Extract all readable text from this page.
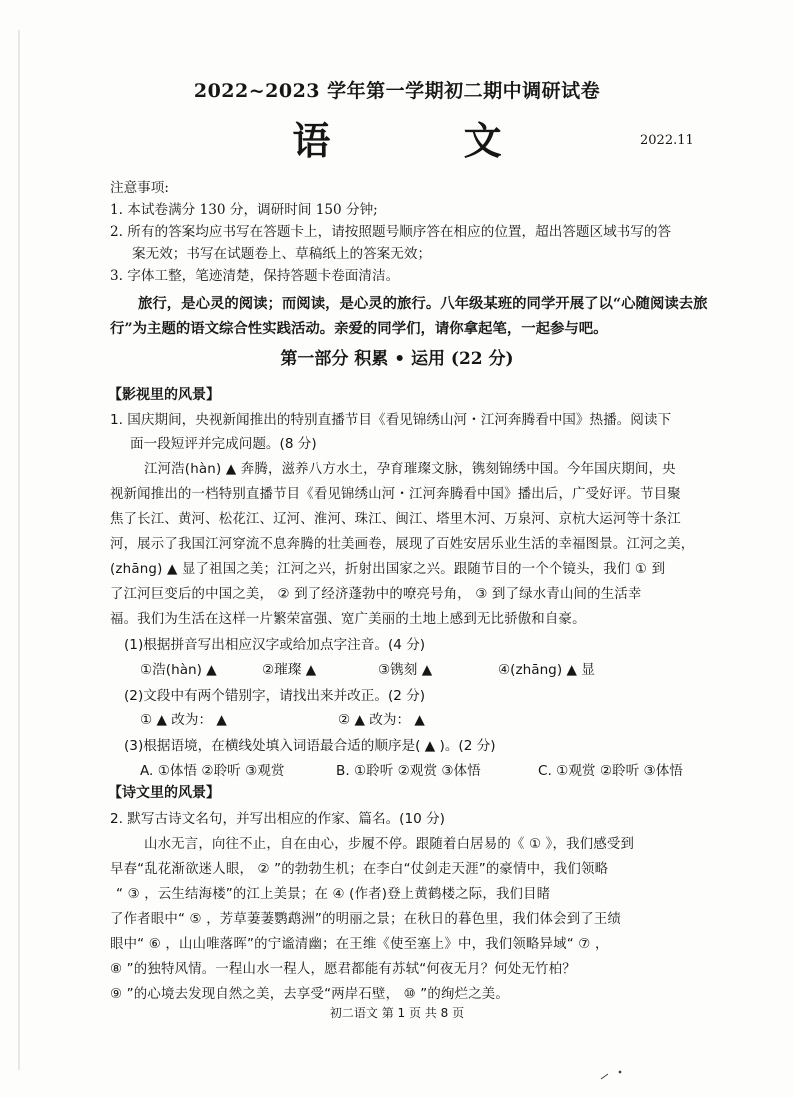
2022~2023 学年第一学期初二期中调研试卷
语 文	2022.11
注意事项:
1. 本试卷满分 130 分，调研时间 150 分钟;
2. 所有的答案均应书写在答题卡上，请按照题号顺序答在相应的位置，超出答题区域书写的答
案无效；书写在试题卷上、草稿纸上的答案无效；
3. 字体工整，笔迹清楚，保持答题卡卷面清洁。
旅行，是心灵的阅读；而阅读，是心灵的旅行。八年级某班的同学开展了以“心随阅读去旅
行”为主题的语文综合性实践活动。亲爱的同学们，请你拿起笔，一起参与吧。
第一部分 积累 • 运用 (22 分)
【影视里的风景】
1. 国庆期间，央视新闻推出的特别直播节目《看见锦绣山河・江河奔腾看中国》热播。阅读下
面一段短评并完成问题。(8 分)
江河浩(hàn) ▲ 奔腾，滋养八方水土，孕育璀璨文脉，镌刻锦绣中国。今年国庆期间，央
视新闻推出的一档特别直播节目《看见锦绣山河・江河奔腾看中国》播出后，广受好评。节目聚
焦了长江、黄河、松花江、辽河、淮河、珠江、闽江、塔里木河、万泉河、京杭大运河等十条江
河，展示了我国江河穿流不息奔腾的壮美画卷，展现了百姓安居乐业生活的幸福图景。江河之美，
(zhāng) ▲ 显了祖国之美；江河之兴，折射出国家之兴。跟随节目的一个个镜头，我们 ① 到
了江河巨变后的中国之美， ② 到了经济蓬勃中的嘹亮号角， ③ 到了绿水青山间的生活幸
福。我们为生活在这样一片繁荣富强、宽广美丽的土地上感到无比骄傲和自豪。
(1)根据拼音写出相应汉字或给加点字注音。(4 分)
①浩(hàn) ▲	②璀璨 ▲	③镌刻 ▲	④(zhāng) ▲ 显
(2)文段中有两个错别字，请找出来并改正。(2 分)
① ▲ 改为： ▲	② ▲ 改为： ▲
(3)根据语境，在横线处填入词语最合适的顺序是( ▲ )。(2 分)
A. ①体悟 ②聆听 ③观赏	B. ①聆听 ②观赏 ③体悟	C. ①观赏 ②聆听 ③体悟
【诗文里的风景】
2. 默写古诗文名句，并写出相应的作家、篇名。(10 分)
山水无言，向往不止，自在由心，步履不停。跟随着白居易的《 ① 》，我们感受到
早春“乱花渐欲迷人眼， ② ”的勃勃生机；在李白“仗剑走天涯”的豪情中，我们领略
“ ③ ，云生结海楼”的江上美景；在 ④ (作者)登上黄鹤楼之际，我们目睹
了作者眼中“ ⑤ ，芳草萋萋鹦鹉洲”的明丽之景；在秋日的暮色里，我们体会到了王绩
眼中“ ⑥ ，山山唯落晖”的宁谧清幽；在王维《使至塞上》中，我们领略异域“ ⑦ ，
⑧ ”的独特风情。一程山水一程人，愿君都能有苏轼“何夜无月？何处无竹柏？
⑨ ”的心境去发现自然之美，去享受“两岸石壁， ⑩ ”的绚烂之美。
初二语文 第 1 页 共 8 页
